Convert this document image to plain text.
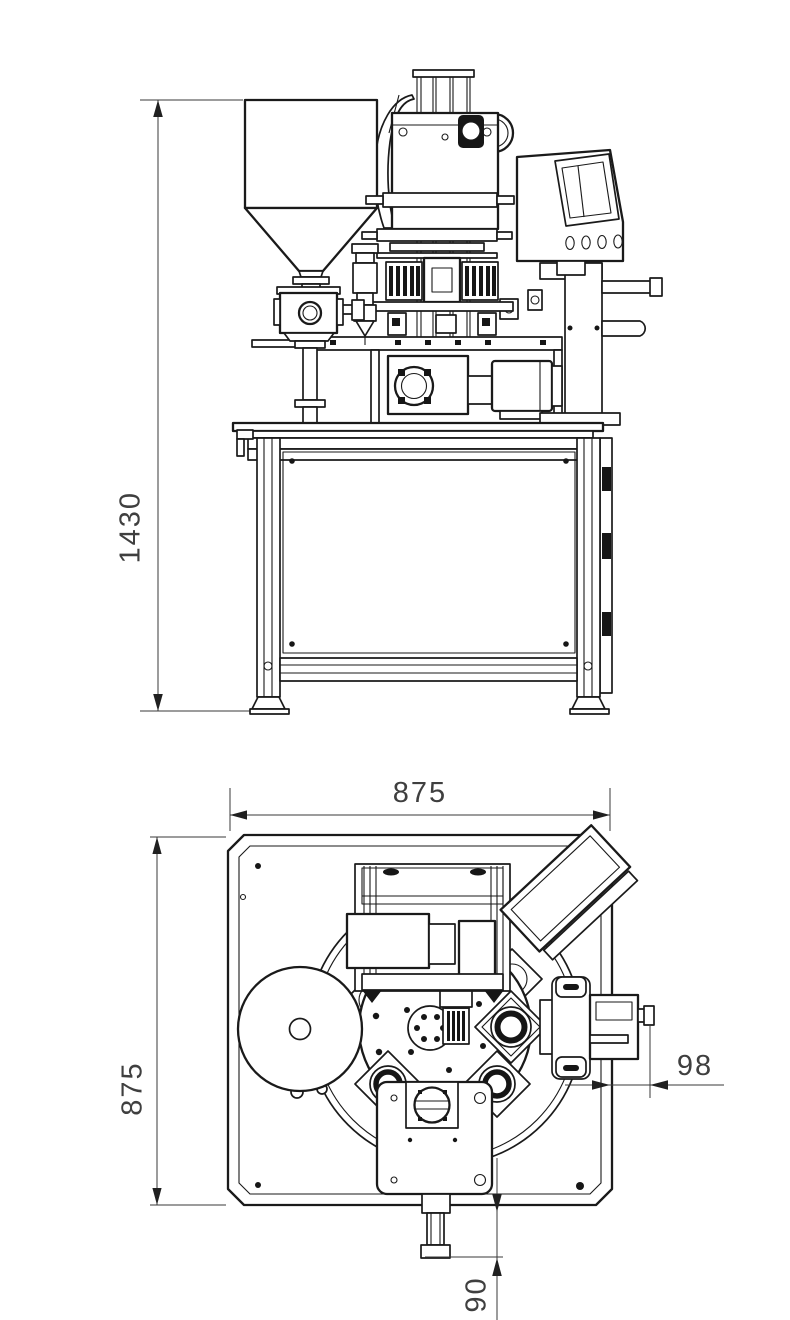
1430
875
875	98
90
